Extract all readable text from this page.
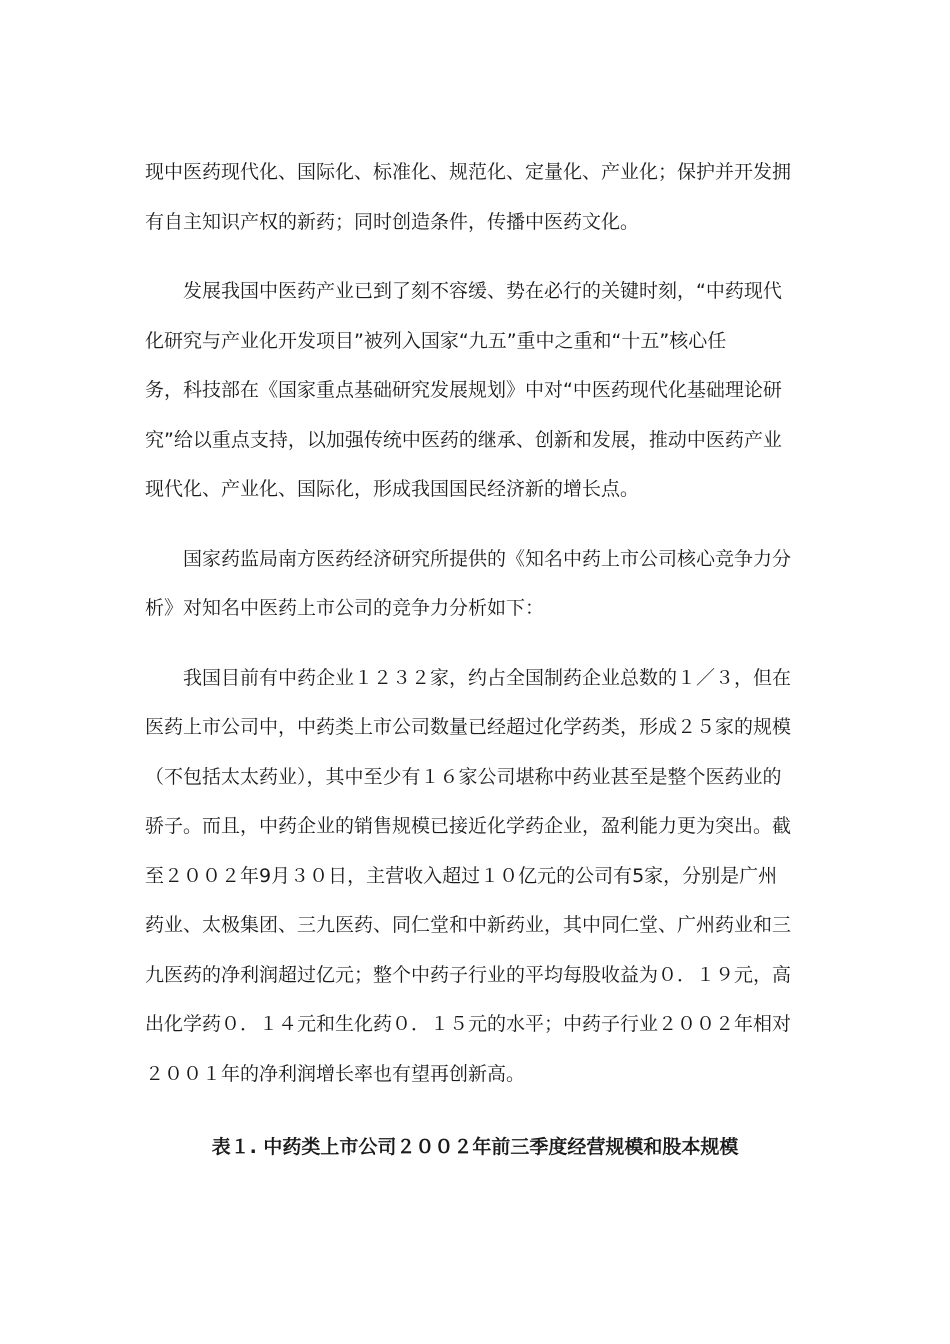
现中医药现代化、国际化、标准化、规范化、定量化、产业化；保护并开发拥
有自主知识产权的新药；同时创造条件，传播中医药文化。

发展我国中医药产业已到了刻不容缓、势在必行的关键时刻，“中药现代
化研究与产业化开发项目”被列入国家“九五”重中之重和“十五”核心任
务，科技部在《国家重点基础研究发展规划》中对“中医药现代化基础理论研
究”给以重点支持，以加强传统中医药的继承、创新和发展，推动中医药产业
现代化、产业化、国际化，形成我国国民经济新的增长点。

国家药监局南方医药经济研究所提供的《知名中药上市公司核心竞争力分
析》对知名中医药上市公司的竞争力分析如下：

我国目前有中药企业１２３２家，约占全国制药企业总数的１／３，但在
医药上市公司中，中药类上市公司数量已经超过化学药类，形成２５家的规模
（不包括太太药业），其中至少有１６家公司堪称中药业甚至是整个医药业的
骄子。而且，中药企业的销售规模已接近化学药企业，盈利能力更为突出。截
至２００２年9月３０日，主营收入超过１０亿元的公司有5家，分别是广州
药业、太极集团、三九医药、同仁堂和中新药业，其中同仁堂、广州药业和三
九医药的净利润超过亿元；整个中药子行业的平均每股收益为０．１９元，高
出化学药０．１４元和生化药０．１５元的水平；中药子行业２００２年相对
２００１年的净利润增长率也有望再创新高。

表１. 中药类上市公司２００２年前三季度经营规模和股本规模
